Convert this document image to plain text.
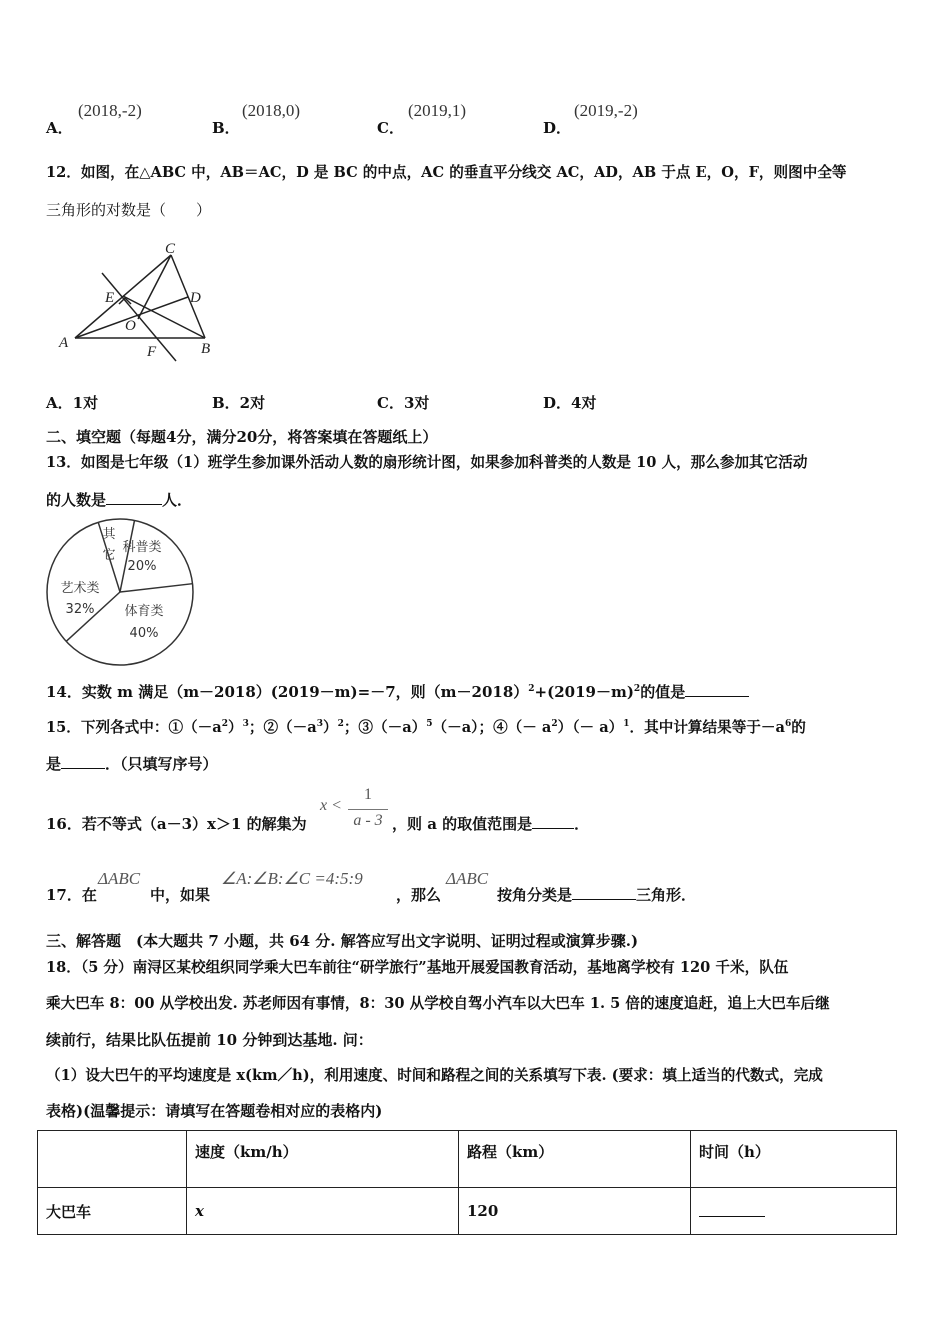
A．
(2018,-2)
B．
(2018,0)
C．
(2019,1)
D．
(2019,-2)
12．如图，在△ABC 中，AB＝AC，D 是 BC 的中点，AC 的垂直平分线交 AC，AD，AB 于点 E，O，F，则图中全等
三角形的对数是（　　）
A	B
C
D
E
O
F
A．1对	B．2对	C．3对	D．4对
二、填空题（每题4分，满分20分，将答案填在答题纸上）
13．如图是七年级（1）班学生参加课外活动人数的扇形统计图，如果参加科普类的人数是 10 人，那么参加其它活动
的人数是	人．
科普类
20%
体育类
40%
艺术类
32%
其
它
14．实数 m 满足（m－2018）(2019－m)=－7，则$(m-2018)^2+(2019-m)^2$的值是
15．下列各式中：$①(-a^2)^3$；$②(-a^3)^2$；$③(-a)^5(-a)$；④（－ $a^2)(- a)^1$．其中计算结果等于$-a^6$的
是	．（只填写序号）
16．若不等式（a－3）x＞1 的解集为
x <
1
a - 3 ，则 a 的取值范围是	．
17．在
ΔABC
中，如果
∠A:∠B:∠C =4:5:9
，那么
ΔABC
按角分类是	三角形．
三、解答题　(本大题共 7 小题，共 64 分. 解答应写出文字说明、证明过程或演算步骤.)
18．（5 分）南浔区某校组织同学乘大巴车前往“研学旅行”基地开展爱国教育活动，基地离学校有 120 千米，队伍
乘大巴车 8：00 从学校出发. 苏老师因有事情，8：30 从学校自驾小汽车以大巴车 1. 5 倍的速度追赶，追上大巴车后继
续前行，结果比队伍提前 10 分钟到达基地. 问：
（1）设大巴午的平均速度是 x(km／h)，利用速度、时间和路程之间的关系填写下表. (要求：填上适当的代数式，完成
表格)(温馨提示：请填写在答题卷相对应的表格内)
	速度（km/h）	路程（km）	时间（h）
大巴车	x	120	
